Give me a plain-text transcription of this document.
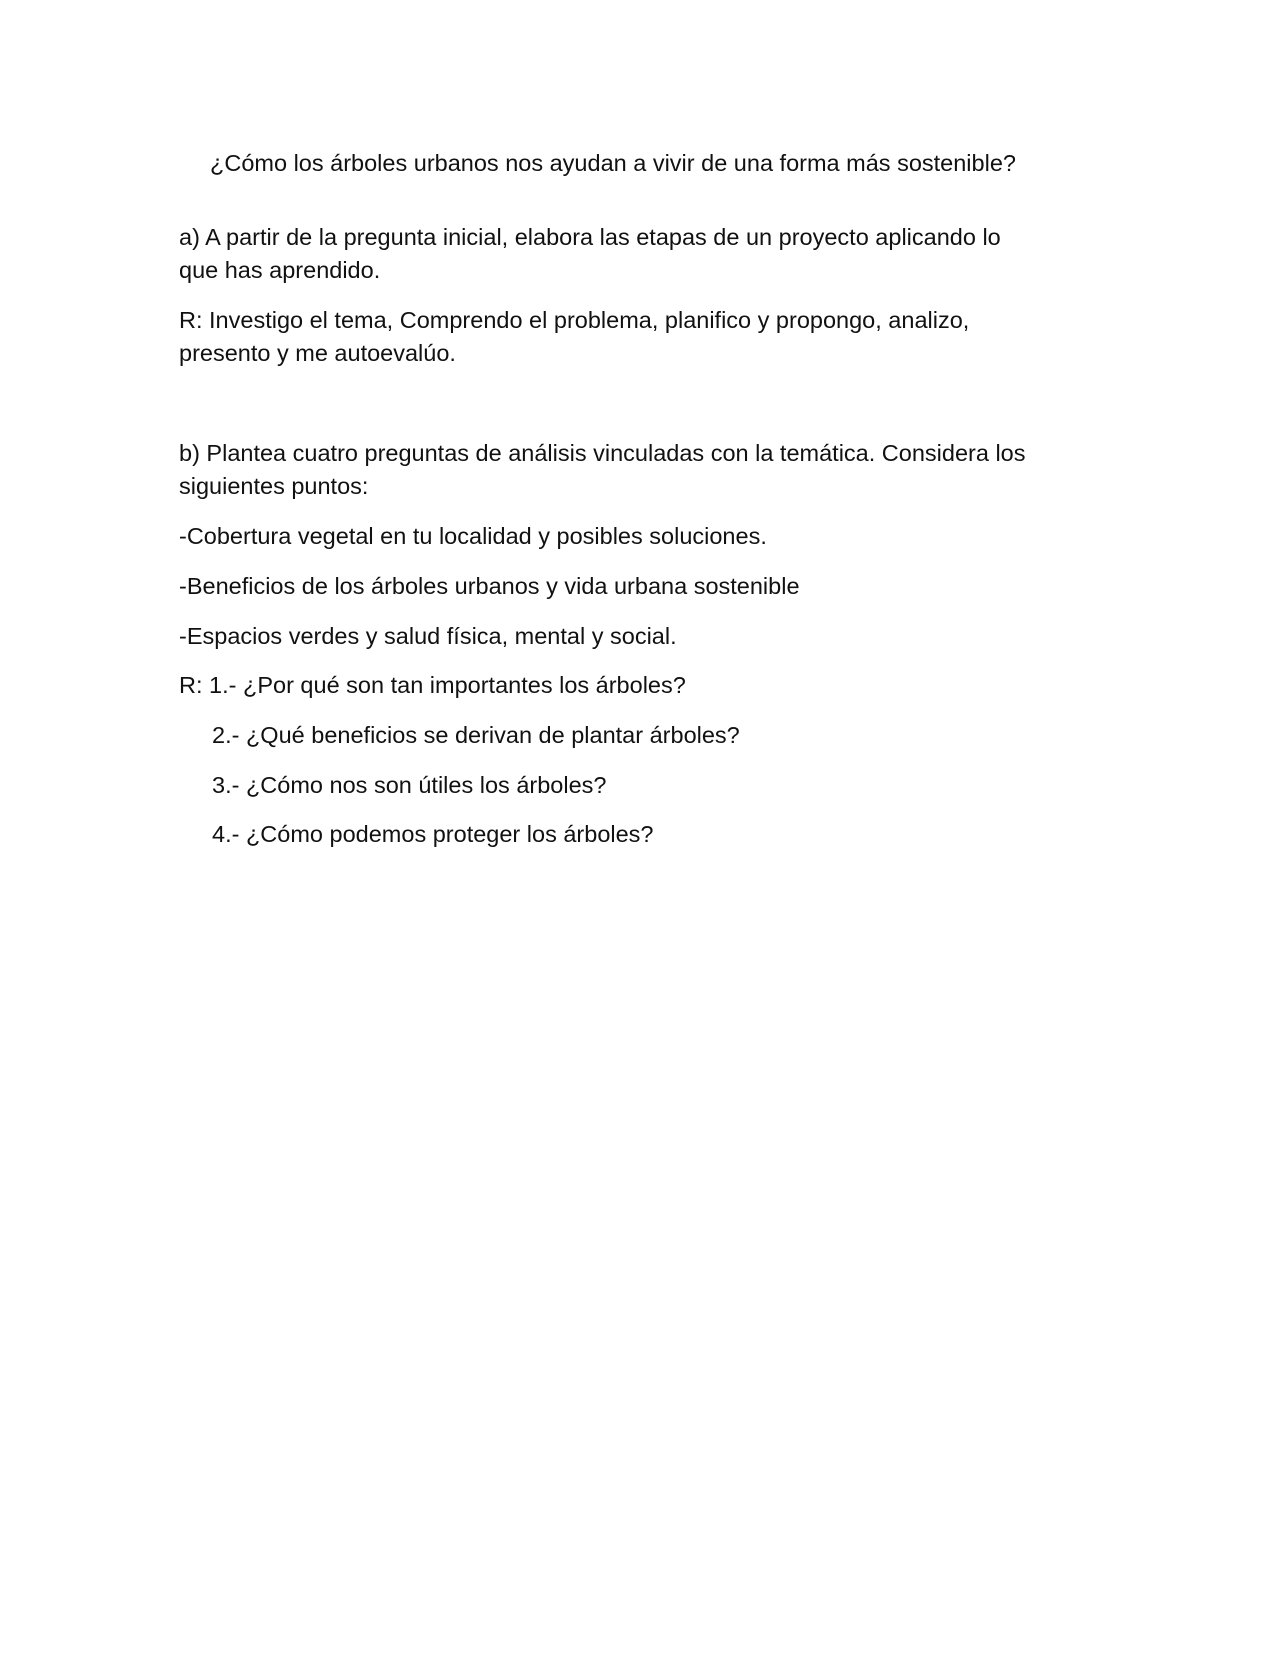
¿Cómo los árboles urbanos nos ayudan a vivir de una forma más sostenible?

a) A partir de la pregunta inicial, elabora las etapas de un proyecto aplicando lo

que has aprendido.

R: Investigo el tema, Comprendo el problema, planifico y propongo, analizo,

presento y me autoevalúo.

b) Plantea cuatro preguntas de análisis vinculadas con la temática. Considera los

siguientes puntos:

-Cobertura vegetal en tu localidad y posibles soluciones.

-Beneficios de los árboles urbanos y vida urbana sostenible

-Espacios verdes y salud física, mental y social.

R: 1.- ¿Por qué son tan importantes los árboles?

2.- ¿Qué beneficios se derivan de plantar árboles?

3.- ¿Cómo nos son útiles los árboles?

4.- ¿Cómo podemos proteger los árboles?
